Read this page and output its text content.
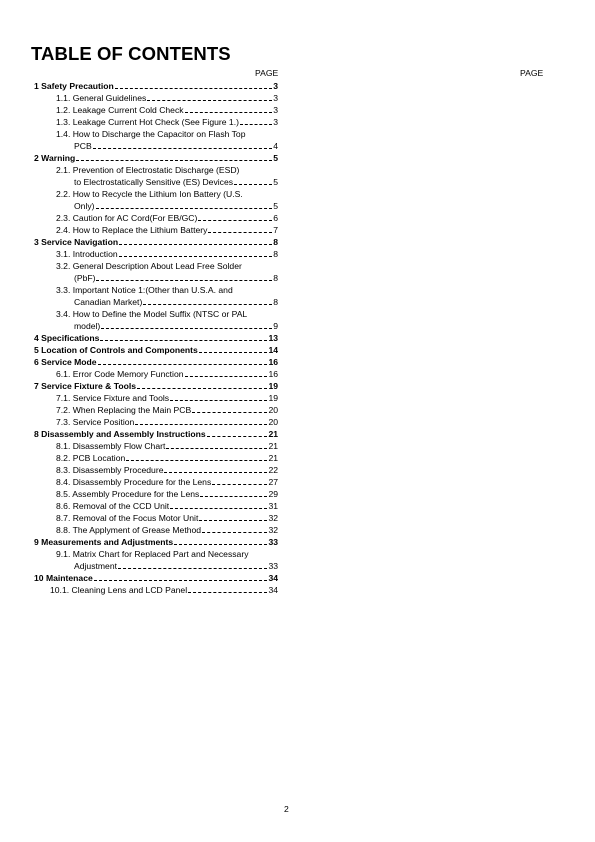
TABLE OF CONTENTS
PAGE	PAGE
1 Safety Precaution	3
1.1. General Guidelines	3
1.2. Leakage Current Cold Check	3
1.3. Leakage Current Hot Check (See Figure 1.)	3
1.4. How to Discharge the Capacitor on Flash Top
PCB	4
2 Warning	5
2.1. Prevention of Electrostatic Discharge (ESD)
to Electrostatically Sensitive (ES) Devices	5
2.2. How to Recycle the Lithium Ion Battery (U.S.
Only)	5
2.3. Caution for AC Cord(For EB/GC)	6
2.4. How to Replace the Lithium Battery	7
3 Service Navigation	8
3.1. Introduction	8
3.2. General Description About Lead Free Solder
(PbF)	8
3.3. Important Notice 1:(Other than U.S.A. and
Canadian Market)	8
3.4. How to Define the Model Suffix (NTSC or PAL
model)	9
4 Specifications	13
5 Location of Controls and Components	14
6 Service Mode	16
6.1. Error Code Memory Function	16
7 Service Fixture & Tools	19
7.1. Service Fixture and Tools	19
7.2. When Replacing the Main PCB	20
7.3. Service Position	20
8 Disassembly and Assembly Instructions	21
8.1. Disassembly Flow Chart	21
8.2. PCB Location	21
8.3. Disassembly Procedure	22
8.4. Disassembly Procedure for the Lens	27
8.5. Assembly Procedure for the Lens	29
8.6. Removal of the CCD Unit	31
8.7. Removal of the Focus Motor Unit	32
8.8. The Applyment of Grease Method	32
9 Measurements and Adjustments	33
9.1. Matrix Chart for Replaced Part and Necessary
Adjustment	33
10 Maintenace	34
10.1. Cleaning Lens and LCD Panel	34
2
